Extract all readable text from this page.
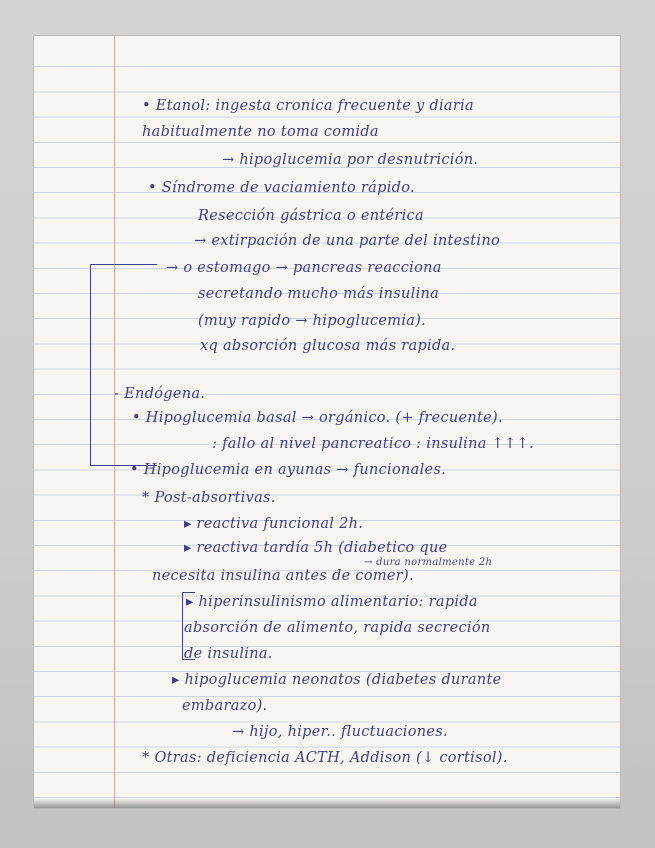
• Etanol: ingesta cronica frecuente y diaria
habitualmente no toma comida
→ hipoglucemia por desnutrición.
• Síndrome de vaciamiento rápido.
Resección gástrica o entérica
→ extirpación de una parte del intestino
→ o estomago → pancreas reacciona
secretando mucho más insulina
(muy rapido → hipoglucemia).
xq absorción glucosa más rapida.
- Endógena.
• Hipoglucemia basal → orgánico. (+ frecuente).
: fallo al nivel pancreatico : insulina ↑↑↑.
• Hipoglucemia en ayunas → funcionales.
* Post-absortivas.
▸ reactiva funcional 2h.
▸ reactiva tardía 5h (diabetico que
→ dura normalmente 2h
necesita insulina antes de comer).
▸ hiperinsulinismo alimentario: rapida
absorción de alimento, rapida secreción
de insulina.
▸ hipoglucemia neonatos (diabetes durante
embarazo).
→ hijo, hiper.. fluctuaciones.
* Otras: deficiencia ACTH, Addison (↓ cortisol).
